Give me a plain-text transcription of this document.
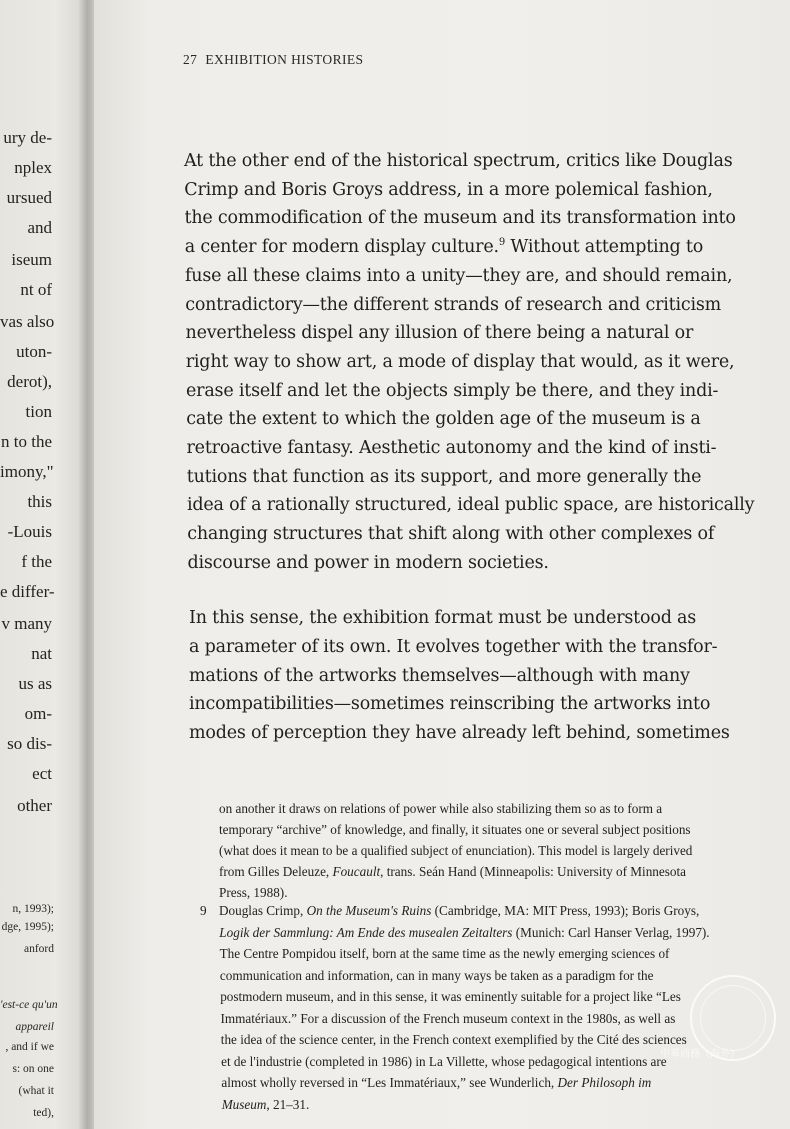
ury de-
nplex
ursued
and
iseum
nt of
vas also
uton-
derot),
tion
n to the
imony,"
this
-Louis
f the
e differ-
v many
nat
us as
om-
so dis-
ect
other
n, 1993);
dge, 1995);
anford
'est-ce qu'un
appareil
, and if we
s: on one
(what it
ted),
27 EXHIBITION HISTORIES
At the other end of the historical spectrum, critics like Douglas
Crimp and Boris Groys address, in a more polemical fashion,
the commodification of the museum and its transformation into
a center for modern display culture.$^9$ Without attempting to
fuse all these claims into a unity—they are, and should remain,
contradictory—the different strands of research and criticism
nevertheless dispel any illusion of there being a natural or
right way to show art, a mode of display that would, as it were,
erase itself and let the objects simply be there, and they indi-
cate the extent to which the golden age of the museum is a
retroactive fantasy. Aesthetic autonomy and the kind of insti-
tutions that function as its support, and more generally the
idea of a rationally structured, ideal public space, are historically
changing structures that shift along with other complexes of
discourse and power in modern societies.
In this sense, the exhibition format must be understood as
a parameter of its own. It evolves together with the transfor-
mations of the artworks themselves—although with many
incompatibilities—sometimes reinscribing the artworks into
modes of perception they have already left behind, sometimes
on another it draws on relations of power while also stabilizing them so as to form a
temporary “archive” of knowledge, and finally, it situates one or several subject positions
(what does it mean to be a qualified subject of enunciation). This model is largely derived
from Gilles Deleuze, Foucault, trans. Seán Hand (Minneapolis: University of Minnesota
Press, 1988).
9 Douglas Crimp, On the Museum's Ruins (Cambridge, MA: MIT Press, 1993); Boris Groys,
Logik der Sammlung: Am Ende des musealen Zeitalters (Munich: Carl Hanser Verlag, 1997).
The Centre Pompidou itself, born at the same time as the newly emerging sciences of
communication and information, can in many ways be taken as a paradigm for the
postmodern museum, and in this sense, it was eminently suitable for a project like “Les
Immatériaux.” For a discussion of the French museum context in the 1980s, as well as
the idea of the science center, in the French context exemplified by the Cité des sciences
et de l'industrie (completed in 1986) in La Villette, whose pedagogical intentions are
almost wholly reversed in “Les Immatériaux,” see Wunderlich, Der Philosoph im
Museum, 21–31.
中華商務（海外）
